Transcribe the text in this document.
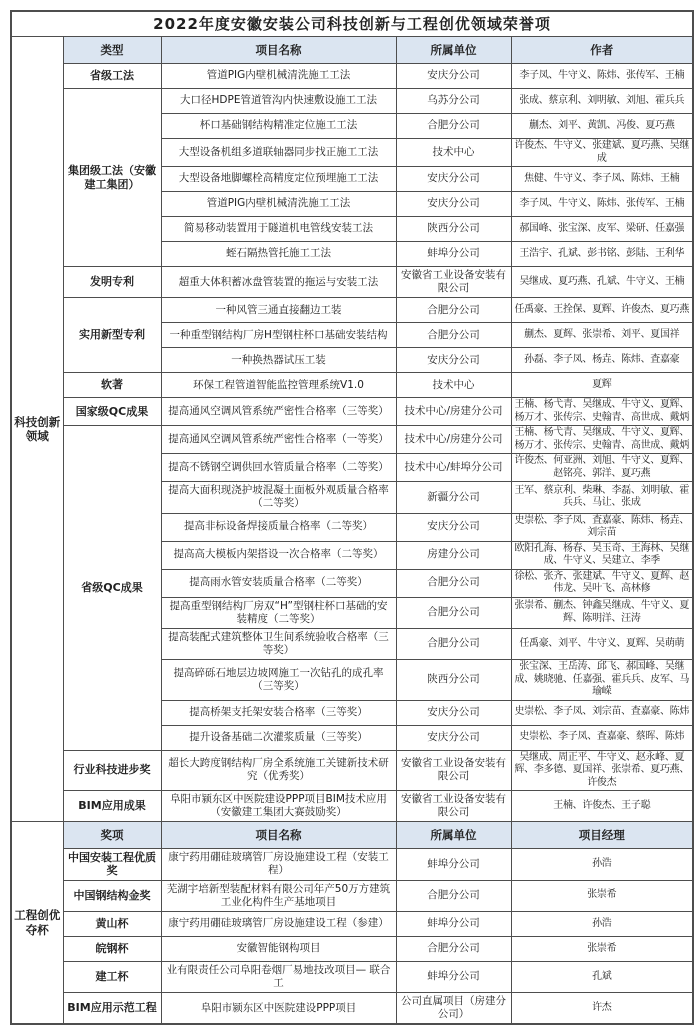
2022年度安徽安装公司科技创新与工程创优领域荣誉项				
科技创新领域	类型	项目名称	所属单位	作者
	省级工法	管道PIG内壁机械清洗施工工法	安庆分公司	李子凤、牛守义、陈炜、张传军、王楠
	集团级工法（安徽建工集团）	大口径HDPE管道管沟内快速敷设施工工法	乌苏分公司	张成、蔡京利、刘明敏、刘旭、霍兵兵
		杯口基础钢结构精准定位施工工法	合肥分公司	蒯杰、刘平、黄凯、冯俊、夏巧燕
		大型设备机组多道联轴器同步找正施工工法	技术中心	许俊杰、牛守义、张建斌、夏巧燕、吴继成
		大型设备地脚螺栓高精度定位预埋施工工法	安庆分公司	焦健、牛守义、李子凤、陈炜、王楠
		管道PIG内壁机械清洗施工工法	安庆分公司	李子凤、牛守义、陈炜、张传军、王楠
		简易移动装置用于隧道机电管线安装工法	陕西分公司	郝国峰、张宝深、皮军、梁研、任嘉强
		蛭石隔热管托施工工法	蚌埠分公司	王浩宇、孔斌、彭书铭、彭陆、王利华
	发明专利	超重大体积蓄冰盘管装置的拖运与安装工法	安徽省工业设备安装有限公司	吴继成、夏巧燕、孔斌、牛守义、王楠
	实用新型专利	一种风管三通直接翻边工装	合肥分公司	任禹豪、王拴保、夏辉、许俊杰、夏巧燕
		一种重型钢结构厂房H型钢柱杯口基础安装结构	合肥分公司	蒯杰、夏辉、张崇希、刘平、夏国祥
		一种换热器试压工装	安庆分公司	孙磊、李子凤、杨垚、陈炜、査嘉豪
	软著	环保工程管道智能监控管理系统V1.0	技术中心	夏辉
	国家级QC成果	提高通风空调风管系统严密性合格率（三等奖）	技术中心/房建分公司	王楠、杨弋青、吴继成、牛守义、夏辉、杨万才、张传宗、史翰青、高世成、戴炳
	省级QC成果	提高通风空调风管系统严密性合格率（一等奖）	技术中心/房建分公司	王楠、杨弋青、吴继成、牛守义、夏辉、杨万才、张传宗、史翰青、高世成、戴炳
		提高不锈钢空调供回水管质量合格率（二等奖）	技术中心/蚌埠分公司	许俊杰、何亚洲、刘旭、牛守义、夏辉、赵铭亮、郭洋、夏巧燕
		提高大面积现浇护坡混凝土面板外观质量合格率（二等奖）	新疆分公司	王军、蔡京利、柴琳、李磊、刘明敏、霍兵兵、马让、张成
		提高非标设备焊接质量合格率（二等奖）	安庆分公司	史崇松、李子凤、査嘉豪、陈炜、杨垚、刘宗苗
		提高高大模板内架搭设一次合格率（二等奖）	房建分公司	欧阳孔海、杨春、吴玉奇、王海林、吴继成、牛守义、吴建立、李季
		提高雨水管安装质量合格率（二等奖）	合肥分公司	徐松、张齐、张建斌、牛守义、夏辉、赵伟龙、吴叶飞、高林修
		提高重型钢结构厂房双“H”型钢柱杯口基础的安装精度（二等奖）	合肥分公司	张崇希、蒯杰、钟鑫吴继成、牛守义、夏辉、陈明洋、汪涛
		提高装配式建筑整体卫生间系统验收合格率（三等奖）	合肥分公司	任禹豪、刘平、牛守义、夏辉、吴萌萌
		提高碎砾石地层边坡网施工一次钻孔的成孔率（三等奖）	陕西分公司	张宝深、王岳涛、邱飞、郝国峰、吴继成、姚晓驰、任嘉强、霍兵兵、皮军、马瑜嵘
		提高桥架支托架安装合格率（三等奖）	安庆分公司	史崇松、李子凤、刘宗苗、査嘉豪、陈炜
		提升设备基础二次灌浆质量（三等奖）	安庆分公司	史崇松、李子凤、査嘉豪、蔡晖、陈炜
	行业科技进步奖	超长大跨度钢结构厂房全系统施工关键新技术研究（优秀奖）	安徽省工业设备安装有限公司	吴继成、周正平、牛守义、赵永峰、夏辉、李多德、夏国祥、张崇希、夏巧燕、许俊杰
	BIM应用成果	阜阳市颍东区中医院建设PPP项目BIM技术应用（安徽建工集团大赛鼓励奖）	安徽省工业设备安装有限公司	王楠、许俊杰、王子聪
工程创优夺杯	奖项	项目名称	所属单位	项目经理
	中国安装工程优质奖	康宁药用硼硅玻璃管厂房设施建设工程（安装工程）	蚌埠分公司	孙浩
	中国钢结构金奖	芜湖宇培新型装配材料有限公司年产50万方建筑工业化构件生产基地项目	合肥分公司	张崇希
	黄山杯	康宁药用硼硅玻璃管厂房设施建设工程（参建）	蚌埠分公司	孙浩
	皖钢杯	安徽智能钢构项目	合肥分公司	张崇希
	建工杯	业有限责任公司阜阳卷烟厂易地技改项目— 联合工	蚌埠分公司	孔斌
	BIM应用示范工程	阜阳市颍东区中医院建设PPP项目	公司直属项目（房建分公司）	许杰
